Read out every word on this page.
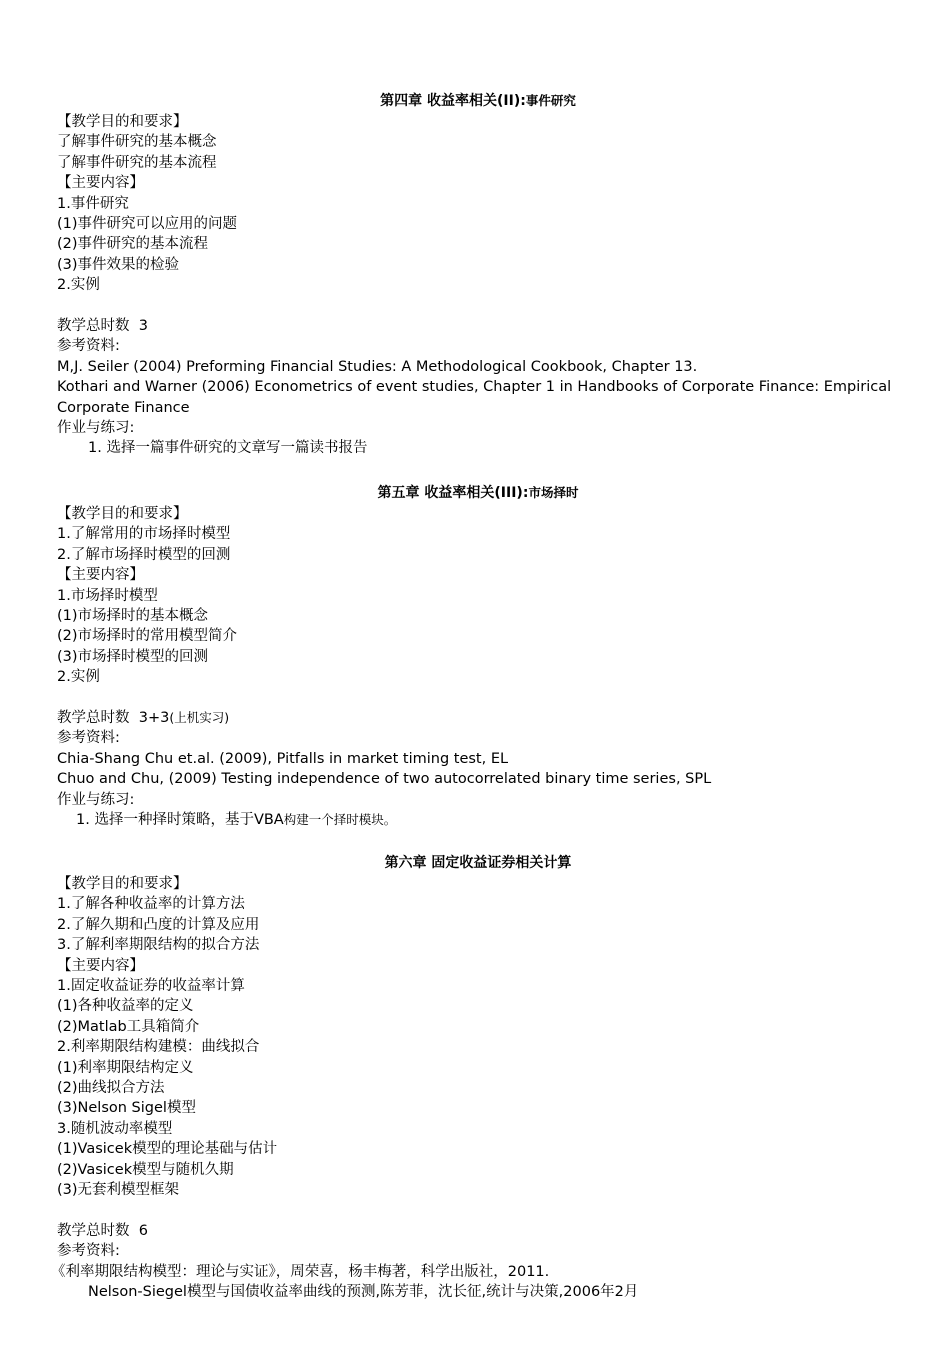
第四章 收益率相关(II):事件研究
【教学目的和要求】
了解事件研究的基本概念
了解事件研究的基本流程
【主要内容】
1.事件研究
(1)事件研究可以应用的问题
(2)事件研究的基本流程
(3)事件效果的检验
2.实例
教学总时数 3
参考资料:
M,J. Seiler (2004) Preforming Financial Studies: A Methodological Cookbook, Chapter 13.
Kothari and Warner (2006) Econometrics of event studies, Chapter 1 in Handbooks of Corporate Finance: Empirical Corporate Finance
作业与练习:
1. 选择一篇事件研究的文章写一篇读书报告
第五章 收益率相关(III):市场择时
【教学目的和要求】
1.了解常用的市场择时模型
2.了解市场择时模型的回测
【主要内容】
1.市场择时模型
(1)市场择时的基本概念
(2)市场择时的常用模型简介
(3)市场择时模型的回测
2.实例
教学总时数 3+3(上机实习)
参考资料:
Chia-Shang Chu et.al. (2009), Pitfalls in market timing test, EL
Chuo and Chu, (2009) Testing independence of two autocorrelated binary time series, SPL
作业与练习:
1. 选择一种择时策略，基于VBA构建一个择时模块。
第六章 固定收益证券相关计算
【教学目的和要求】
1.了解各种收益率的计算方法
2.了解久期和凸度的计算及应用
3.了解利率期限结构的拟合方法
【主要内容】
1.固定收益证券的收益率计算
(1)各种收益率的定义
(2)Matlab工具箱简介
2.利率期限结构建模：曲线拟合
(1)利率期限结构定义
(2)曲线拟合方法
(3)Nelson Sigel模型
3.随机波动率模型
(1)Vasicek模型的理论基础与估计
(2)Vasicek模型与随机久期
(3)无套利模型框架
教学总时数 6
参考资料:
《利率期限结构模型：理论与实证》，周荣喜，杨丰梅著，科学出版社，2011.
Nelson-Siegel模型与国债收益率曲线的预测,陈芳菲，沈长征,统计与决策,2006年2月
